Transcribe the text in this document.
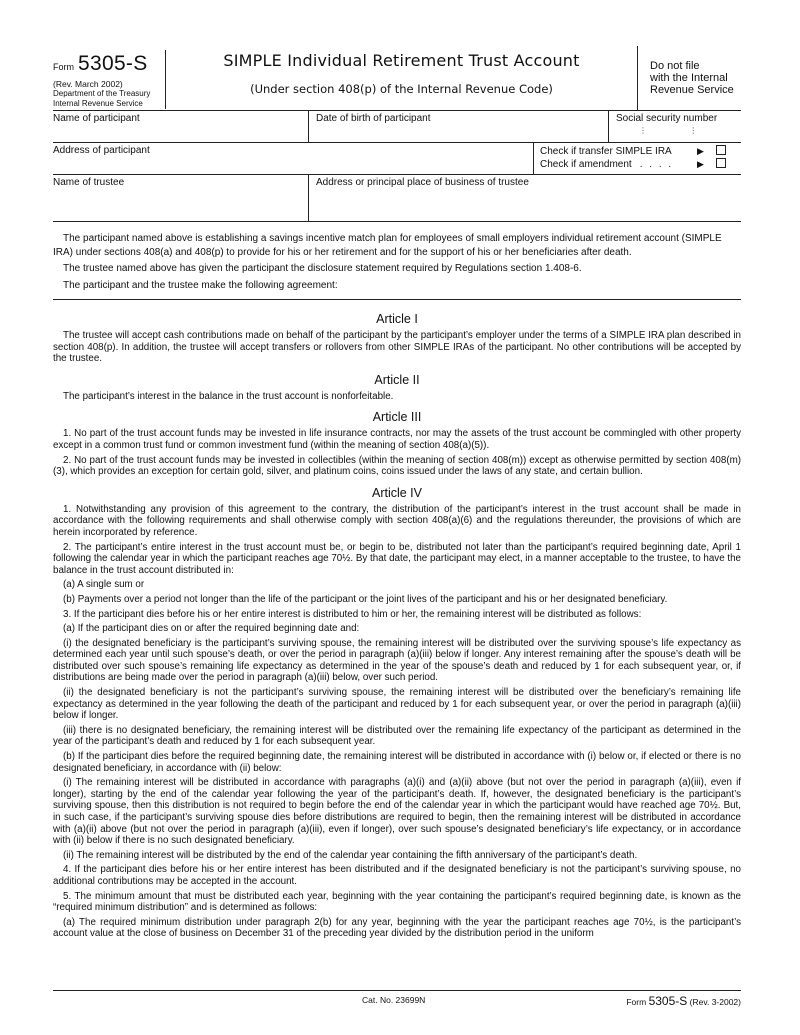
Form 5305-S
(Rev. March 2002)
Department of the Treasury
Internal Revenue Service
SIMPLE Individual Retirement Trust Account
(Under section 408(p) of the Internal Revenue Code)
Do not file
with the Internal
Revenue Service
Name of participant	Date of birth of participant	Social security number
⋮ ⋮
Address of participant	Check if transfer SIMPLE IRA	▶
Check if amendment . . . .	▶
Name of trustee	Address or principal place of business of trustee

The participant named above is establishing a savings incentive match plan for employees of small employers individual retirement account (SIMPLE IRA) under sections 408(a) and 408(p) to provide for his or her retirement and for the support of his or her beneficiaries after death.

The trustee named above has given the participant the disclosure statement required by Regulations section 1.408-6.

The participant and the trustee make the following agreement:

Article I

The trustee will accept cash contributions made on behalf of the participant by the participant’s employer under the terms of a SIMPLE IRA plan described in section 408(p). In addition, the trustee will accept transfers or rollovers from other SIMPLE IRAs of the participant. No other contributions will be accepted by the trustee.

Article II

The participant’s interest in the balance in the trust account is nonforfeitable.

Article III

1. No part of the trust account funds may be invested in life insurance contracts, nor may the assets of the trust account be commingled with other property except in a common trust fund or common investment fund (within the meaning of section 408(a)(5)).

2. No part of the trust account funds may be invested in collectibles (within the meaning of section 408(m)) except as otherwise permitted by section 408(m)(3), which provides an exception for certain gold, silver, and platinum coins, coins issued under the laws of any state, and certain bullion.

Article IV

1. Notwithstanding any provision of this agreement to the contrary, the distribution of the participant’s interest in the trust account shall be made in accordance with the following requirements and shall otherwise comply with section 408(a)(6) and the regulations thereunder, the provisions of which are herein incorporated by reference.

2. The participant’s entire interest in the trust account must be, or begin to be, distributed not later than the participant’s required beginning date, April 1 following the calendar year in which the participant reaches age 70½. By that date, the participant may elect, in a manner acceptable to the trustee, to have the balance in the trust account distributed in:

(a) A single sum or

(b) Payments over a period not longer than the life of the participant or the joint lives of the participant and his or her designated beneficiary.

3. If the participant dies before his or her entire interest is distributed to him or her, the remaining interest will be distributed as follows:

(a) If the participant dies on or after the required beginning date and:

(i) the designated beneficiary is the participant’s surviving spouse, the remaining interest will be distributed over the surviving spouse’s life expectancy as determined each year until such spouse’s death, or over the period in paragraph (a)(iii) below if longer. Any interest remaining after the spouse’s death will be distributed over such spouse’s remaining life expectancy as determined in the year of the spouse’s death and reduced by 1 for each subsequent year, or, if distributions are being made over the period in paragraph (a)(iii) below, over such period.

(ii) the designated beneficiary is not the participant’s surviving spouse, the remaining interest will be distributed over the beneficiary’s remaining life expectancy as determined in the year following the death of the participant and reduced by 1 for each subsequent year, or over the period in paragraph (a)(iii) below if longer.

(iii) there is no designated beneficiary, the remaining interest will be distributed over the remaining life expectancy of the participant as determined in the year of the participant’s death and reduced by 1 for each subsequent year.

(b) If the participant dies before the required beginning date, the remaining interest will be distributed in accordance with (i) below or, if elected or there is no designated beneficiary, in accordance with (ii) below:

(i) The remaining interest will be distributed in accordance with paragraphs (a)(i) and (a)(ii) above (but not over the period in paragraph (a)(iii), even if longer), starting by the end of the calendar year following the year of the participant’s death. If, however, the designated beneficiary is the participant’s surviving spouse, then this distribution is not required to begin before the end of the calendar year in which the participant would have reached age 70½. But, in such case, if the participant’s surviving spouse dies before distributions are required to begin, then the remaining interest will be distributed in accordance with (a)(ii) above (but not over the period in paragraph (a)(iii), even if longer), over such spouse’s designated beneficiary’s life expectancy, or in accordance with (ii) below if there is no such designated beneficiary.

(ii) The remaining interest will be distributed by the end of the calendar year containing the fifth anniversary of the participant’s death.

4. If the participant dies before his or her entire interest has been distributed and if the designated beneficiary is not the participant’s surviving spouse, no additional contributions may be accepted in the account.

5. The minimum amount that must be distributed each year, beginning with the year containing the participant’s required beginning date, is known as the “required minimum distribution” and is determined as follows:

(a) The required minimum distribution under paragraph 2(b) for any year, beginning with the year the participant reaches age 70½, is the participant’s account value at the close of business on December 31 of the preceding year divided by the distribution period in the uniform

Cat. No. 23699N	Form 5305-S (Rev. 3-2002)
